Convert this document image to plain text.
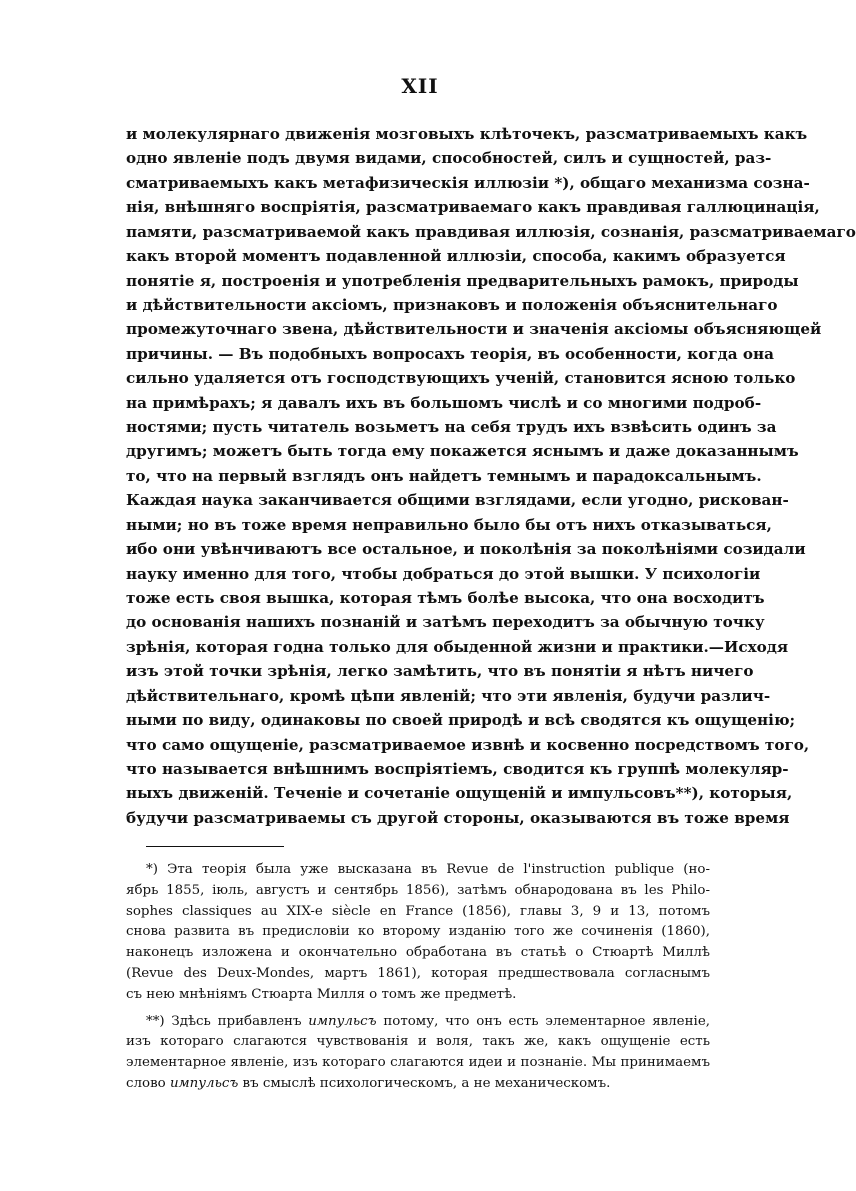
XII
и молекулярнаго движенія мозговыхъ клѣточекъ, разсматриваемыхъ какъ
одно явленіе подъ двумя видами, способностей, силъ и сущностей, раз-
сматриваемыхъ какъ метафизическія иллюзіи *), общаго механизма созна-
нія, внѣшняго воспріятія, разсматриваемаго какъ правдивая галлюцинація,
памяти, разсматриваемой какъ правдивая иллюзія, сознанія, разсматриваемаго
какъ второй моментъ подавленной иллюзіи, способа, какимъ образуется
понятіе я, построенія и употребленія предварительныхъ рамокъ, природы
и дѣйствительности аксіомъ, признаковъ и положенія объяснительнаго
промежуточнаго звена, дѣйствительности и значенія аксіомы объясняющей
причины. — Въ подобныхъ вопросахъ теорія, въ особенности, когда она
сильно удаляется отъ господствующихъ ученій, становится ясною только
на примѣрахъ; я давалъ ихъ въ большомъ числѣ и со многими подроб-
ностями; пусть читатель возьметъ на себя трудъ ихъ взвѣсить одинъ за
другимъ; можетъ быть тогда ему покажется яснымъ и даже доказаннымъ
то, что на первый взглядъ онъ найдетъ темнымъ и парадоксальнымъ.
Каждая наука заканчивается общими взглядами, если угодно, рискован-
ными; но въ тоже время неправильно было бы отъ нихъ отказываться,
ибо они увѣнчиваютъ все остальное, и поколѣнія за поколѣніями созидали
науку именно для того, чтобы добраться до этой вышки. У психологіи
тоже есть своя вышка, которая тѣмъ болѣе высока, что она восходитъ
до основанія нашихъ познаній и затѣмъ переходитъ за обычную точку
зрѣнія, которая годна только для обыденной жизни и практики.—Исходя
изъ этой точки зрѣнія, легко замѣтить, что въ понятіи я нѣтъ ничего
дѣйствительнаго, кромѣ цѣпи явленій; что эти явленія, будучи различ-
ными по виду, одинаковы по своей природѣ и всѣ сводятся къ ощущенію;
что само ощущеніе, разсматриваемое извнѣ и косвенно посредствомъ того,
что называется внѣшнимъ воспріятіемъ, сводится къ группѣ молекуляр-
ныхъ движеній. Теченіе и сочетаніе ощущеній и импульсовъ**), которыя,
будучи разсматриваемы съ другой стороны, оказываются въ тоже время
*) Эта теорія была уже высказана въ Revue de l'instruction publique (но-
ябрь 1855, іюль, августъ и сентябрь 1856), затѣмъ обнародована въ les Philo-
sophes classiques au XIX-e siècle en France (1856), главы 3, 9 и 13, потомъ
снова развита въ предисловіи ко второму изданію того же сочиненія (1860),
наконецъ изложена и окончательно обработана въ статьѣ о Стюартѣ Миллѣ
(Revue des Deux-Mondes, мартъ 1861), которая предшествовала согласнымъ
съ нею мнѣніямъ Стюарта Милля о томъ же предметѣ.
**) Здѣсь прибавленъ импульсъ потому, что онъ есть элементарное явленіе,
изъ котораго слагаются чувствованія и воля, такъ же, какъ ощущеніе есть
элементарное явленіе, изъ котораго слагаются идеи и познаніе. Мы принимаемъ
слово импульсъ въ смыслѣ психологическомъ, а не механическомъ.
